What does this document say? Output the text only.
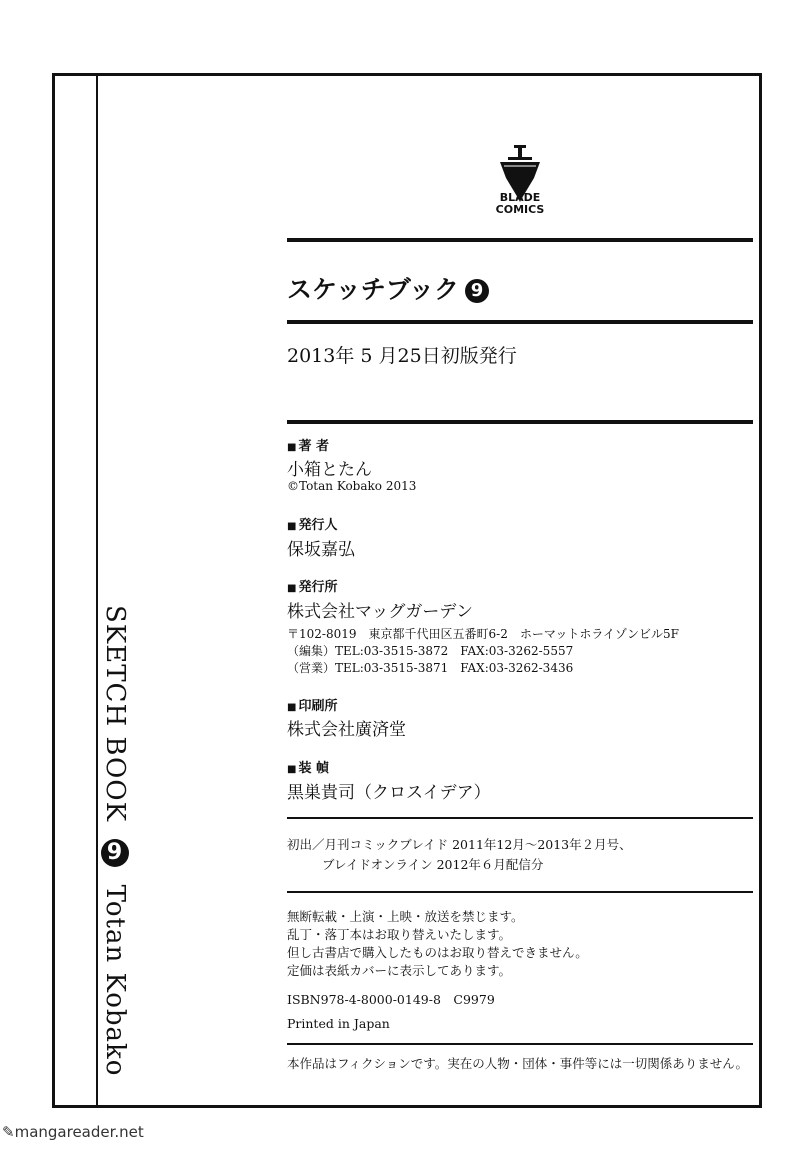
SKETCH BOOK 9 Totan Kobako
BLADE
COMICS
スケッチブック 9
2013年 5 月25日初版発行
■ 著 者
小箱とたん
©Totan Kobako 2013
■ 発行人
保坂嘉弘
■ 発行所
株式会社マッグガーデン
〒102-8019　東京都千代田区五番町6-2　ホーマットホライゾンビル5F
（編集）TEL:03-3515-3872　FAX:03-3262-5557
（営業）TEL:03-3515-3871　FAX:03-3262-3436
■ 印刷所
株式会社廣済堂
■ 装 幀
黒巣貴司（クロスイデア）
初出／月刊コミックブレイド 2011年12月～2013年２月号、
ブレイドオンライン 2012年６月配信分
無断転載・上演・上映・放送を禁じます。
乱丁・落丁本はお取り替えいたします。
但し古書店で購入したものはお取り替えできません。
定価は表紙カバーに表示してあります。
ISBN978-4-8000-0149-8　C9979
Printed in Japan
本作品はフィクションです。実在の人物・団体・事件等には一切関係ありません。
✎mangareader.net
